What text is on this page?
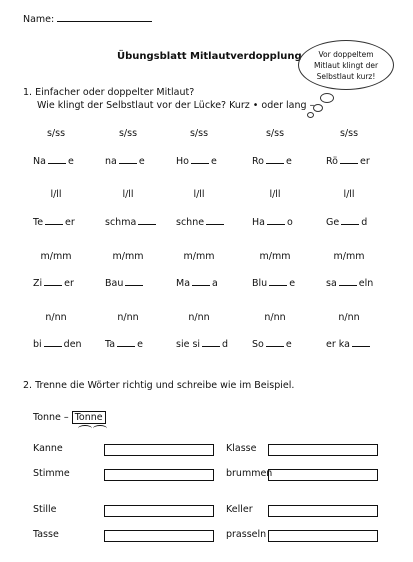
Name:
Übungsblatt Mitlautverdopplung	Vor doppeltem
Mitlaut klingt der
Selbstlaut kurz!
1. Einfacher oder doppelter Mitlaut?
Wie klingt der Selbstlaut vor der Lücke? Kurz • oder lang –
s/ss
Na e
s/ss
na e
s/ss
Ho e
s/ss
Ro e
s/ss
Rö er
l/ll
Te er
l/ll
schma
l/ll
schne
l/ll
Ha o
l/ll
Ge d
m/mm
Zi er
m/mm
Bau
m/mm
Ma a
m/mm
Blu e
m/mm
sa eln
n/nn
bi den
n/nn
Ta e
n/nn
sie si d
n/nn
So e
n/nn
er ka
2. Trenne die Wörter richtig und schreibe wie im Beispiel.
Tonne – Tonne
Kanne
Stimme
Stille
Tasse
Klasse
brummen
Keller
prasseln
